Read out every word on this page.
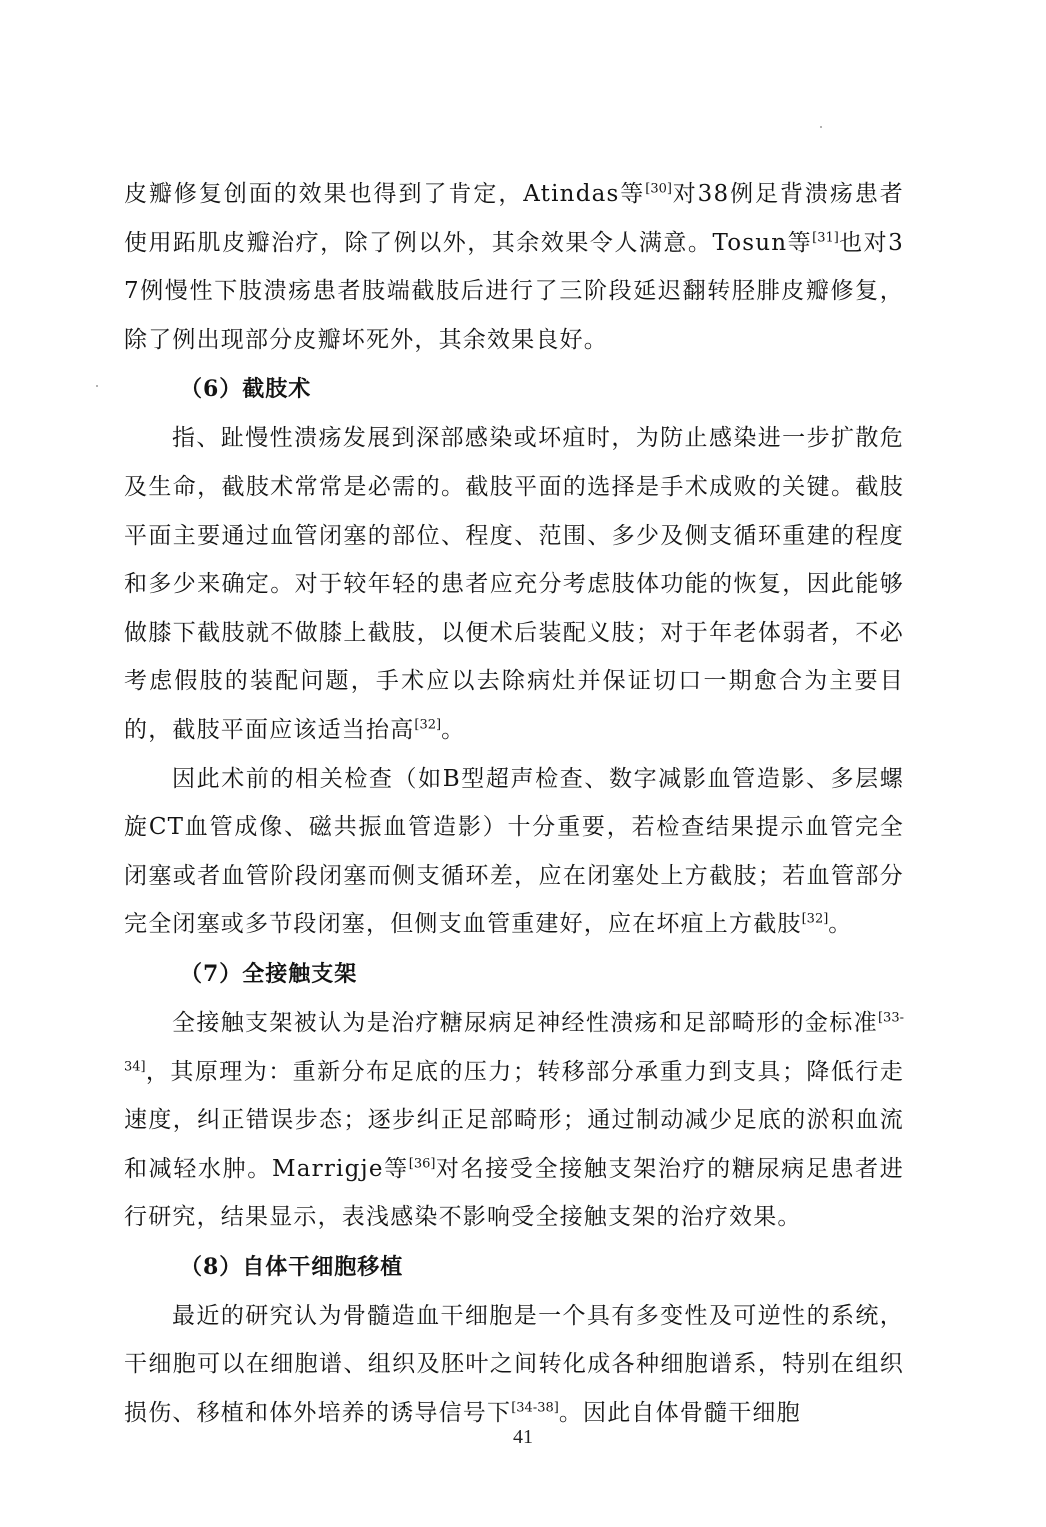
皮瓣修复创面的效果也得到了肯定，Atindas等[30]对38例足背溃疡患者使用跖肌皮瓣治疗，除了例以外，其余效果令人满意。Tosun等[31]也对37例慢性下肢溃疡患者肢端截肢后进行了三阶段延迟翻转胫腓皮瓣修复，除了例出现部分皮瓣坏死外，其余效果良好。

（6）截肢术

指、趾慢性溃疡发展到深部感染或坏疽时，为防止感染进一步扩散危及生命，截肢术常常是必需的。截肢平面的选择是手术成败的关键。截肢平面主要通过血管闭塞的部位、程度、范围、多少及侧支循环重建的程度和多少来确定。对于较年轻的患者应充分考虑肢体功能的恢复，因此能够做膝下截肢就不做膝上截肢，以便术后装配义肢；对于年老体弱者，不必考虑假肢的装配问题，手术应以去除病灶并保证切口一期愈合为主要目的，截肢平面应该适当抬高[32]。

因此术前的相关检查（如B型超声检查、数字减影血管造影、多层螺旋CT血管成像、磁共振血管造影）十分重要，若检查结果提示血管完全闭塞或者血管阶段闭塞而侧支循环差，应在闭塞处上方截肢；若血管部分完全闭塞或多节段闭塞，但侧支血管重建好，应在坏疽上方截肢[32]。

（7）全接触支架

全接触支架被认为是治疗糖尿病足神经性溃疡和足部畸形的金标准[33-34]，其原理为：重新分布足底的压力；转移部分承重力到支具；降低行走速度，纠正错误步态；逐步纠正足部畸形；通过制动减少足底的淤积血流和减轻水肿。Marrigje等[36]对名接受全接触支架治疗的糖尿病足患者进行研究，结果显示，表浅感染不影响受全接触支架的治疗效果。

（8）自体干细胞移植

最近的研究认为骨髓造血干细胞是一个具有多变性及可逆性的系统，干细胞可以在细胞谱、组织及胚叶之间转化成各种细胞谱系，特别在组织损伤、移植和体外培养的诱导信号下[34-38]。因此自体骨髓干细胞

41
